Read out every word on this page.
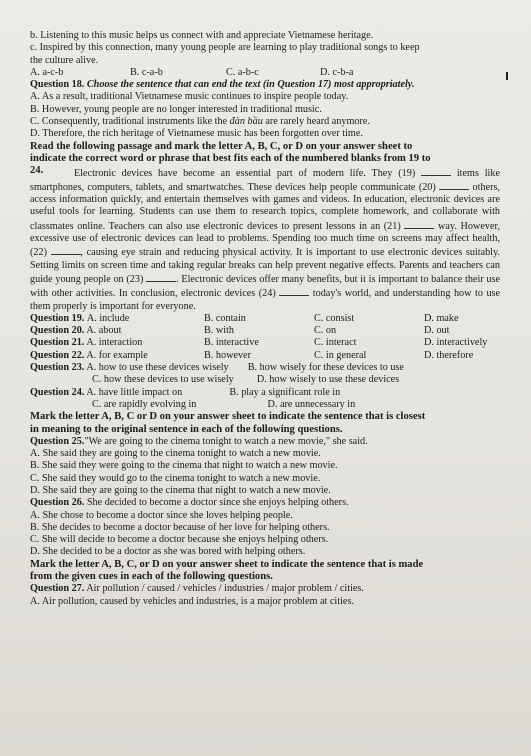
b. Listening to this music helps us connect with and appreciate Vietnamese heritage.
c. Inspired by this connection, many young people are learning to play traditional songs to keep
the culture alive.
A. a-c-b	B. c-a-b	C. a-b-c	D. c-b-a
Question 18. Choose the sentence that can end the text (in Question 17) most appropriately.
A. As a result, traditional Vietnamese music continues to inspire people today.
B. However, young people are no longer interested in traditional music.
C. Consequently, traditional instruments like the đàn bầu are rarely heard anymore.
D. Therefore, the rich heritage of Vietnamese music has been forgotten over time.
Read the following passage and mark the letter A, B, C, or D on your answer sheet to
indicate the correct word or phrase that best fits each of the numbered blanks from 19 to
24.	Electronic devices have become an essential part of modern life. They (19)	items like smartphones, computers, tablets, and smartwatches. These devices help people communicate (20)	others, access information quickly, and entertain themselves with games and videos. In education, electronic devices are useful tools for learning. Students can use them to research topics, complete homework, and collaborate with classmates online. Teachers can also use electronic devices to present lessons in an (21)	way. However, excessive use of electronic devices can lead to problems. Spending too much time on screens may affect health, (22)	, causing eye strain and reducing physical activity. It is important to use electronic devices suitably. Setting limits on screen time and taking regular breaks can help prevent negative effects. Parents and teachers can guide young people on (23)	. Electronic devices offer many benefits, but it is important to balance their use with other activities. In conclusion, electronic devices (24)	today's world, and understanding how to use them properly is important for everyone.
Question 19. A. include	B. contain	C. consist	D. make
Question 20. A. about	B. with	C. on	D. out
Question 21. A. interaction	B. interactive	C. interact	D. interactively
Question 22. A. for example	B. however	C. in general	D. therefore
Question 23. A. how to use these devices wisely B. how wisely for these devices to use
C. how these devices to use wisely D. how wisely to use these devices
Question 24. A. have little impact on	B. play a significant role in
C. are rapidly evolving in	D. are unnecessary in
Mark the letter A, B, C or D on your answer sheet to indicate the sentence that is closest
in meaning to the original sentence in each of the following questions.
Question 25."We are going to the cinema tonight to watch a new movie," she said.
A. She said they are going to the cinema tonight to watch a new movie.
B. She said they were going to the cinema that night to watch a new movie.
C. She said they would go to the cinema tonight to watch a new movie.
D. She said they are going to the cinema that night to watch a new movie.
Question 26. She decided to become a doctor since she enjoys helping others.
A. She chose to become a doctor since she loves helping people.
B. She decides to become a doctor because of her love for helping others.
C. She will decide to become a doctor because she enjoys helping others.
D. She decided to be a doctor as she was bored with helping others.
Mark the letter A, B, C, or D on your answer sheet to indicate the sentence that is made
from the given cues in each of the following questions.
Question 27. Air pollution / caused / vehicles / industries / major problem / cities.
A. Air pollution, caused by vehicles and industries, is a major problem at cities.
